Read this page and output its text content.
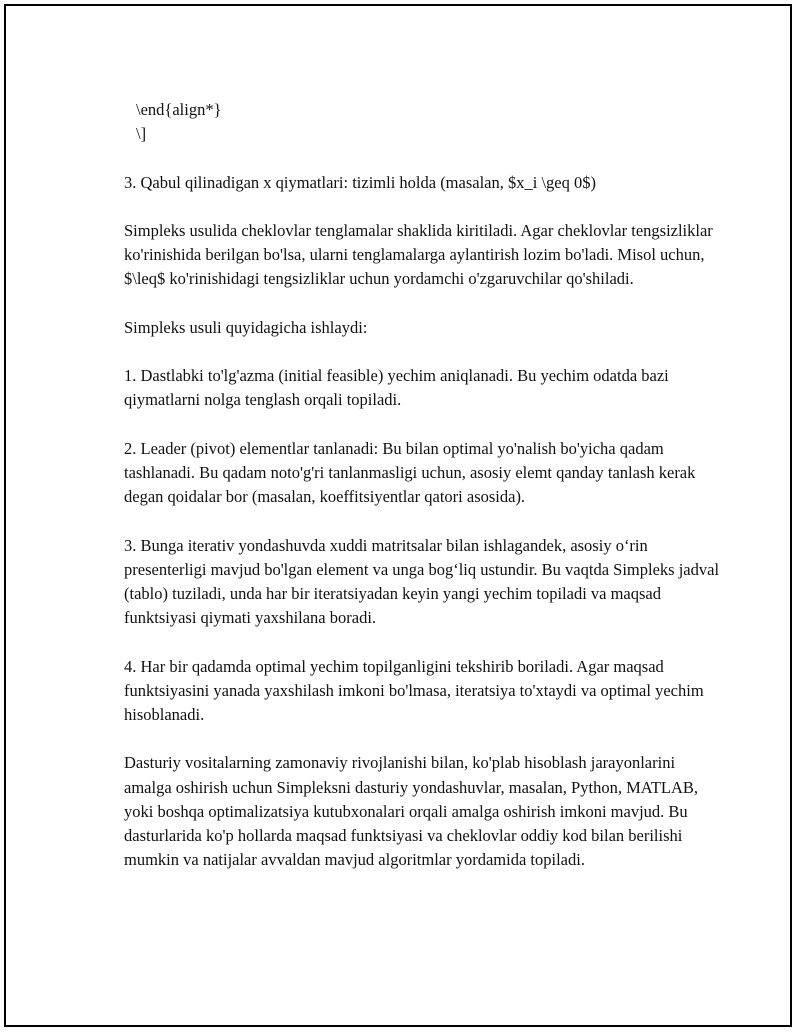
\end{align*}
\]

3. Qabul qilinadigan x qiymatlari: tizimli holda (masalan, $x_i \geq 0$)

Simpleks usulida cheklovlar tenglamalar shaklida kiritiladi. Agar cheklovlar tengsizliklar ko'rinishida berilgan bo'lsa, ularni tenglamalarga aylantirish lozim bo'ladi. Misol uchun, $\leq$ ko'rinishidagi tengsizliklar uchun yordamchi o'zgaruvchilar qo'shiladi.

Simpleks usuli quyidagicha ishlaydi:

1. Dastlabki to'lg'azma (initial feasible) yechim aniqlanadi. Bu yechim odatda bazi qiymatlarni nolga tenglash orqali topiladi.

2. Leader (pivot) elementlar tanlanadi: Bu bilan optimal yo'nalish bo'yicha qadam tashlanadi. Bu qadam noto'g'ri tanlanmasligi uchun, asosiy elemt qanday tanlash kerak degan qoidalar bor (masalan, koeffitsiyentlar qatori asosida).

3. Bunga iterativ yondashuvda xuddi matritsalar bilan ishlagandek, asosiy o‘rin presenterligi mavjud bo'lgan element va unga bog‘liq ustundir. Bu vaqtda Simpleks jadval (tablo) tuziladi, unda har bir iteratsiyadan keyin yangi yechim topiladi va maqsad funktsiyasi qiymati yaxshilana boradi.

4. Har bir qadamda optimal yechim topilganligini tekshirib boriladi. Agar maqsad funktsiyasini yanada yaxshilash imkoni bo'lmasa, iteratsiya to'xtaydi va optimal yechim hisoblanadi.

Dasturiy vositalarning zamonaviy rivojlanishi bilan, ko'plab hisoblash jarayonlarini amalga oshirish uchun Simpleksni dasturiy yondashuvlar, masalan, Python, MATLAB, yoki boshqa optimalizatsiya kutubxonalari orqali amalga oshirish imkoni mavjud. Bu dasturlarida ko'p hollarda maqsad funktsiyasi va cheklovlar oddiy kod bilan berilishi mumkin va natijalar avvaldan mavjud algoritmlar yordamida topiladi.
